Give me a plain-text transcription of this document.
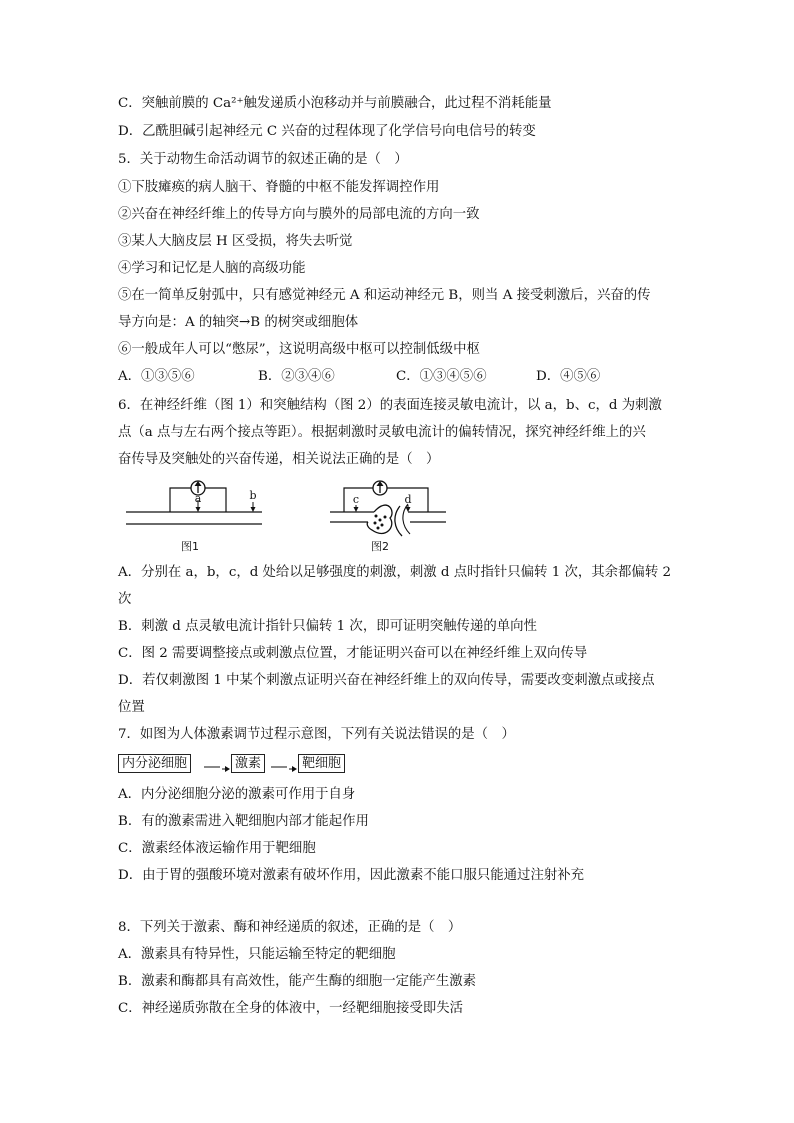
C．突触前膜的 Ca²⁺触发递质小泡移动并与前膜融合，此过程不消耗能量
D．乙酰胆碱引起神经元 C 兴奋的过程体现了化学信号向电信号的转变
5．关于动物生命活动调节的叙述正确的是（　）
①下肢瘫痪的病人脑干、脊髓的中枢不能发挥调控作用
②兴奋在神经纤维上的传导方向与膜外的局部电流的方向一致
③某人大脑皮层 H 区受损，将失去听觉
④学习和记忆是人脑的高级功能
⑤在一简单反射弧中，只有感觉神经元 A 和运动神经元 B，则当 A 接受刺激后，兴奋的传
导方向是：A 的轴突→B 的树突或细胞体
⑥一般成年人可以“憋尿”，这说明高级中枢可以控制低级中枢
A．①③⑤⑥	B．②③④⑥	C．①③④⑤⑥	D．④⑤⑥
6．在神经纤维（图 1）和突触结构（图 2）的表面连接灵敏电流计，以 a，b、c，d 为刺激
点（a 点与左右两个接点等距）。根据刺激时灵敏电流计的偏转情况，探究神经纤维上的兴
奋传导及突触处的兴奋传递，相关说法正确的是（　）
a	b
图1
c	d
图2
A．分别在 a，b，c，d 处给以足够强度的刺激，刺激 d 点时指针只偏转 1 次，其余都偏转 2
次
B．刺激 d 点灵敏电流计指针只偏转 1 次，即可证明突触传递的单向性
C．图 2 需要调整接点或刺激点位置，才能证明兴奋可以在神经纤维上双向传导
D．若仅刺激图 1 中某个刺激点证明兴奋在神经纤维上的双向传导，需要改变刺激点或接点
位置
7．如图为人体激素调节过程示意图，下列有关说法错误的是（　）
内分泌细胞	激素	靶细胞
A．内分泌细胞分泌的激素可作用于自身
B．有的激素需进入靶细胞内部才能起作用
C．激素经体液运输作用于靶细胞
D．由于胃的强酸环境对激素有破坏作用，因此激素不能口服只能通过注射补充
8．下列关于激素、酶和神经递质的叙述，正确的是（　）
A．激素具有特异性，只能运输至特定的靶细胞
B．激素和酶都具有高效性，能产生酶的细胞一定能产生激素
C．神经递质弥散在全身的体液中，一经靶细胞接受即失活
